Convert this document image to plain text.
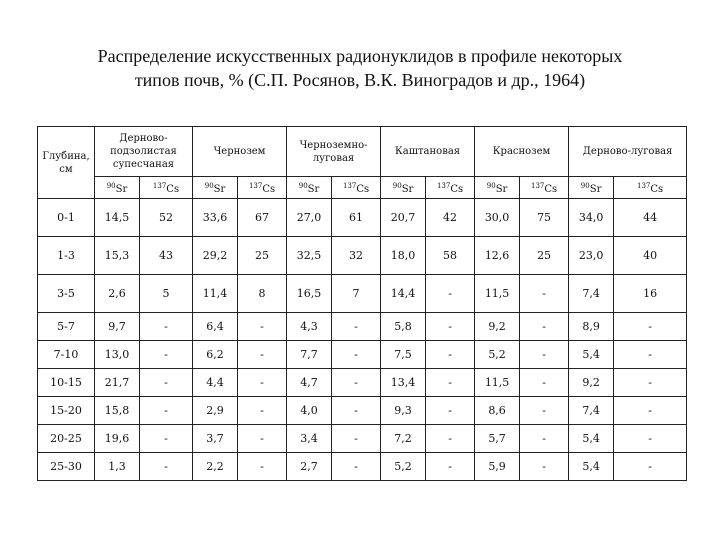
Распределение искусственных радионуклидов в профиле некоторых
типов почв, % (С.П. Росянов, В.К. Виноградов и др., 1964)
Глубина, см	Дерново-подзолистая супесчаная		Чернозем		Черноземно-луговая		Каштановая		Краснозем		Дерново-луговая	
	$^{90}$Sr	$^{137}$Cs	$^{90}$Sr	$^{137}$Cs	$^{90}$Sr	$^{137}$Cs	$^{90}$Sr	$^{137}$Cs	$^{90}$Sr	$^{137}$Cs	$^{90}$Sr	$^{137}$Cs
0-1	14,5	52	33,6	67	27,0	61	20,7	42	30,0	75	34,0	44
1-3	15,3	43	29,2	25	32,5	32	18,0	58	12,6	25	23,0	40
3-5	2,6	5	11,4	8	16,5	7	14,4	-	11,5	-	7,4	16
5-7	9,7	-	6,4	-	4,3	-	5,8	-	9,2	-	8,9	-
7-10	13,0	-	6,2	-	7,7	-	7,5	-	5,2	-	5,4	-
10-15	21,7	-	4,4	-	4,7	-	13,4	-	11,5	-	9,2	-
15-20	15,8	-	2,9	-	4,0	-	9,3	-	8,6	-	7,4	-
20-25	19,6	-	3,7	-	3,4	-	7,2	-	5,7	-	5,4	-
25-30	1,3	-	2,2	-	2,7	-	5,2	-	5,9	-	5,4	-
